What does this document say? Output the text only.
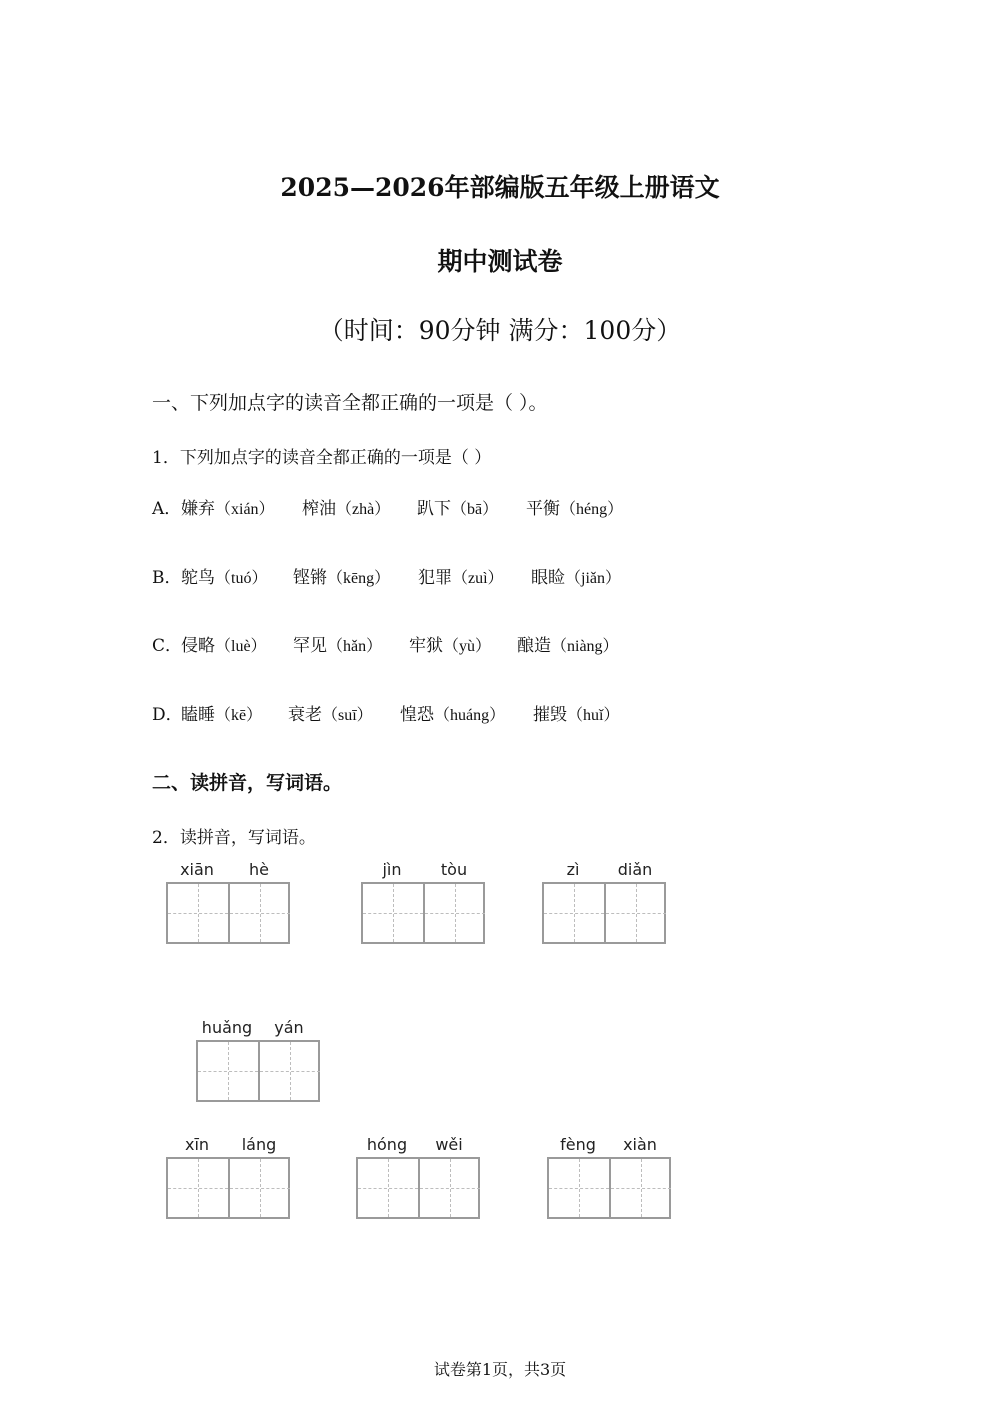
2025—2026年部编版五年级上册语文
期中测试卷
（时间：90分钟 满分：100分）
一、下列加点字的读音全都正确的一项是（ ）。
1．下列加点字的读音全都正确的一项是（ ）
A． 嫌弃（xián） 榨油（zhà） 趴下（bā） 平衡（héng）
B． 鸵鸟（tuó） 铿锵（kēng） 犯罪（zuì） 眼睑（jiǎn）
C．
侵略（luè） 罕见（hǎn） 牢狱（yù） 酿造（niàng）
D．
瞌睡（kē） 衰老（suī） 惶恐（huáng） 摧毁（huǐ）
二、读拼音，写词语。
2．读拼音，写词语。
xiān	hè	jìn	tòu	zì	diǎn
huǎng	yán
xīn	láng	hóng	wěi	fèng	xiàn
试卷第1页，共3页
